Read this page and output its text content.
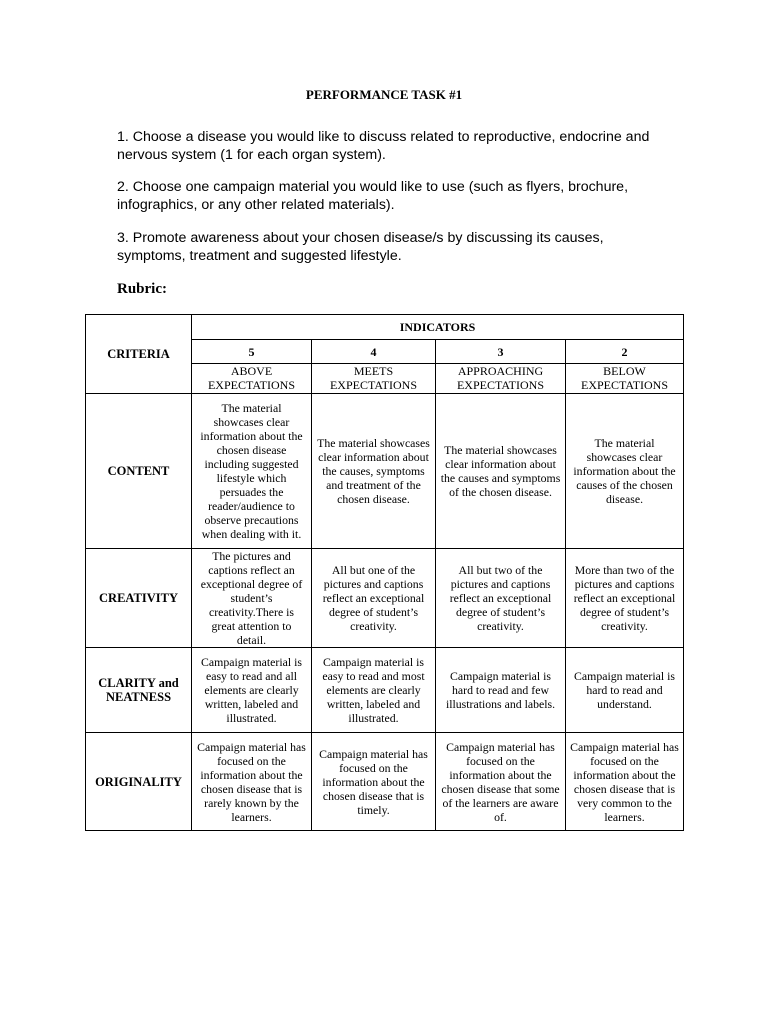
PERFORMANCE TASK #1

1. Choose a disease you would like to discuss related to reproductive, endocrine and nervous system (1 for each organ system).

2. Choose one campaign material you would like to use (such as flyers, brochure, infographics, or any other related materials).

3. Promote awareness about your chosen disease/s by discussing its causes, symptoms, treatment and suggested lifestyle.

Rubric:
CRITERIA	INDICATORS			
	5	4	3	2
	ABOVE EXPECTATIONS	MEETS EXPECTATIONS	APPROACHING EXPECTATIONS	BELOW EXPECTATIONS
CONTENT	The material showcases clear information about the chosen disease including suggested lifestyle which persuades the reader/audience to observe precautions when dealing with it.	The material showcases clear information about the causes, symptoms and treatment of the chosen disease.	The material showcases clear information about the causes and symptoms of the chosen disease.	The material showcases clear information about the causes of the chosen disease.
CREATIVITY	The pictures and captions reflect an exceptional degree of student’s creativity.There is great attention to detail.	All but one of the pictures and captions reflect an exceptional degree of student’s creativity.	All but two of the pictures and captions reflect an exceptional degree of student’s creativity.	More than two of the pictures and captions reflect an exceptional degree of student’s creativity.
CLARITY and NEATNESS	Campaign material is easy to read and all elements are clearly written, labeled and illustrated.	Campaign material is easy to read and most elements are clearly written, labeled and illustrated.	Campaign material is hard to read and few illustrations and labels.	Campaign material is hard to read and understand.
ORIGINALITY	Campaign material has focused on the information about the chosen disease that is rarely known by the learners.	Campaign material has focused on the information about the chosen disease that is timely.	Campaign material has focused on the information about the chosen disease that some of the learners are aware of.	Campaign material has focused on the information about the chosen disease that is very common to the learners.
